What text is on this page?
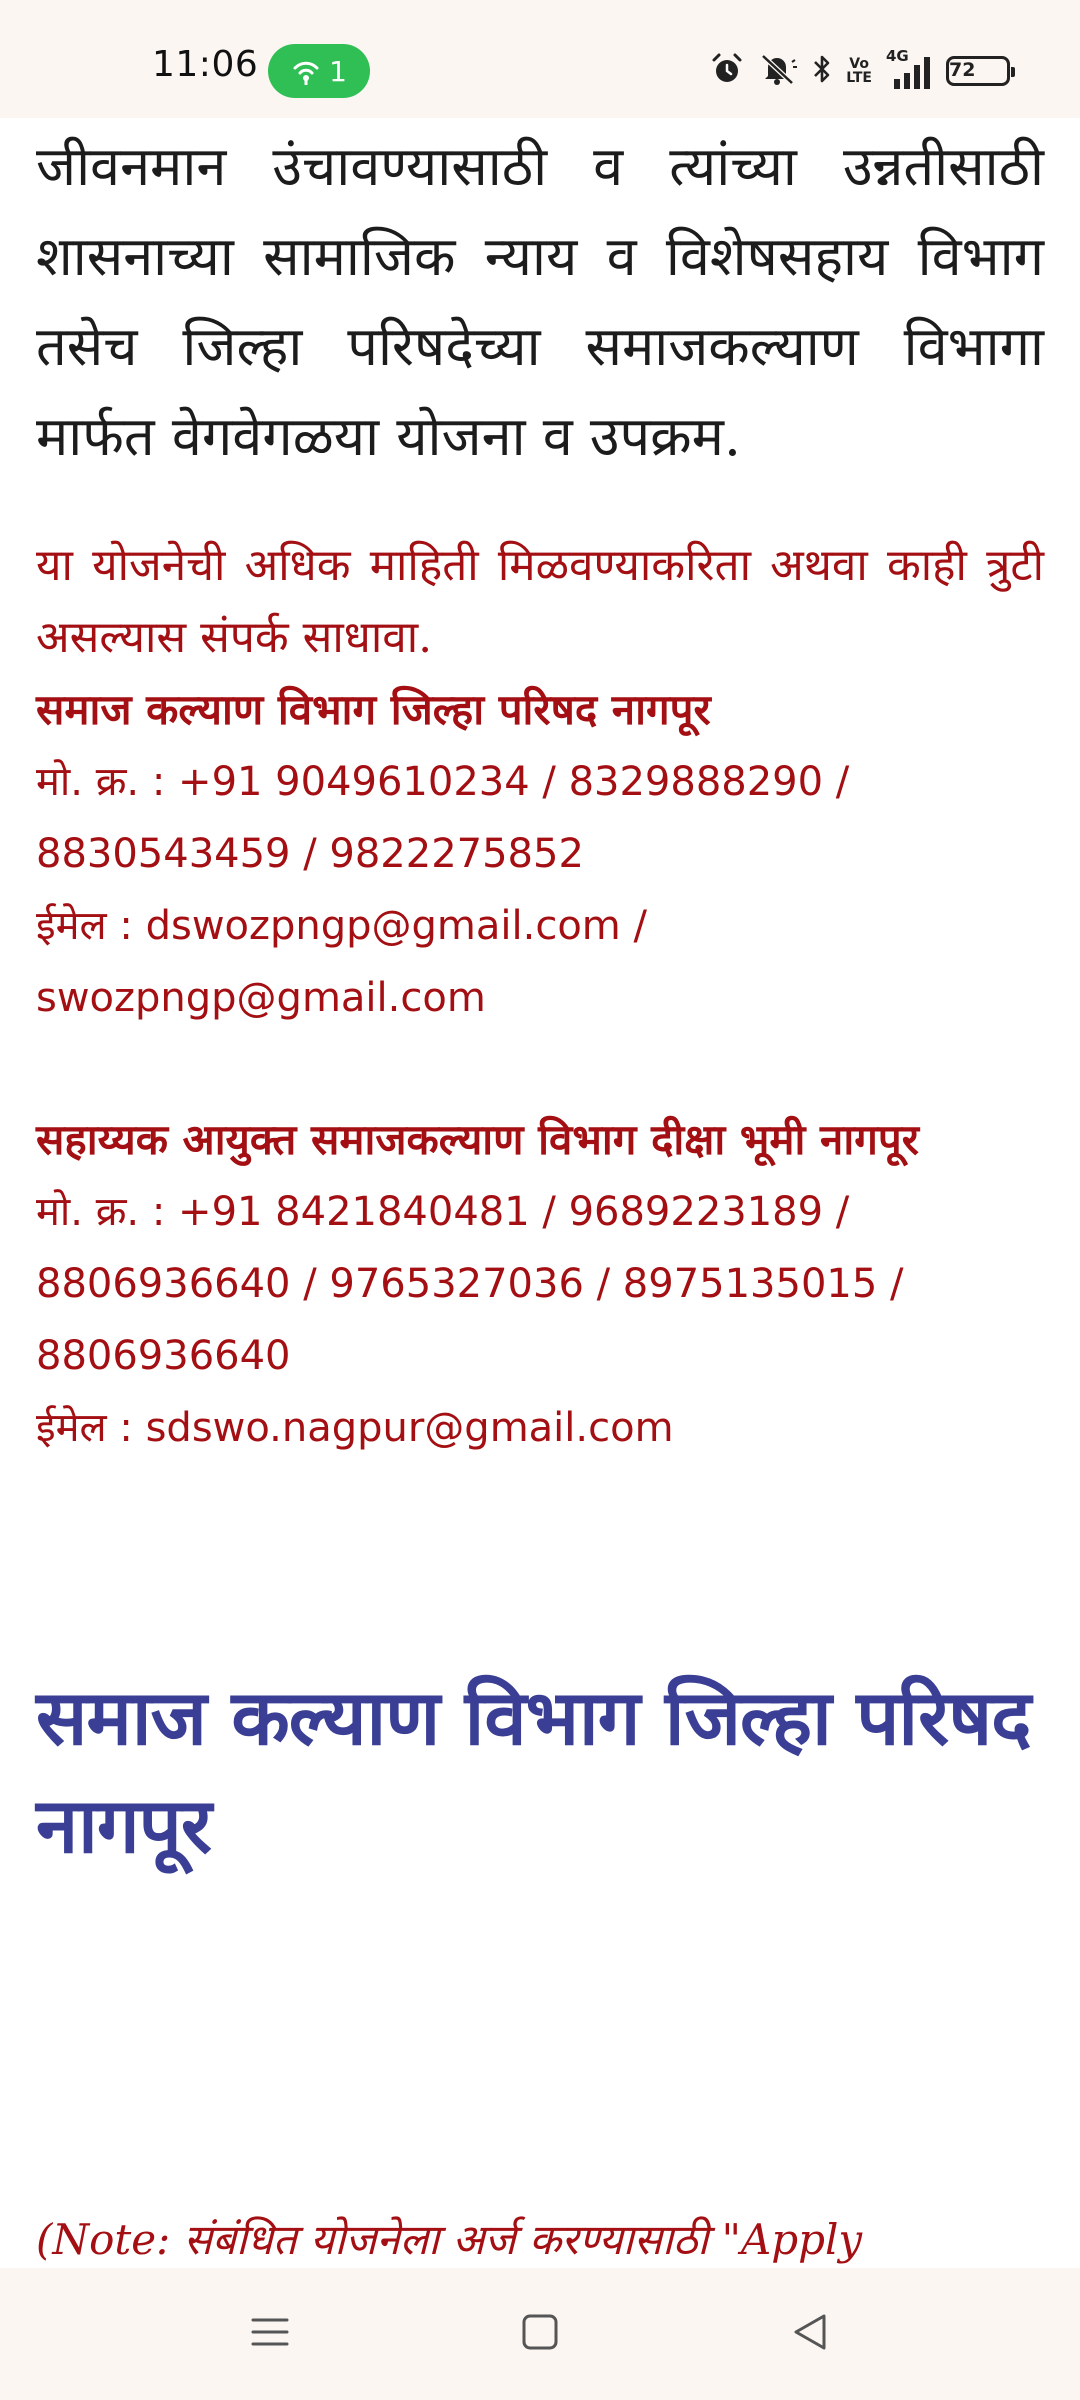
11:06	1	Vo
LTE
4G
72

जीवनमान उंचावण्यासाठी व त्यांच्या उन्नतीसाठी शासनाच्या सामाजिक न्याय व विशेषसहाय विभाग तसेच जिल्हा परिषदेच्या समाजकल्याण विभागा मार्फत वेगवेगळया योजना व उपक्रम.

या योजनेची अधिक माहिती मिळवण्याकरिता अथवा काही त्रुटी असल्यास संपर्क साधावा.

समाज कल्याण विभाग जिल्हा परिषद नागपूर

मो. क्र. : +91 9049610234 / 8329888290 /

8830543459 / 9822275852

ईमेल : dswozpngp@gmail.com /

swozpngp@gmail.com

सहाय्यक आयुक्त समाजकल्याण विभाग दीक्षा भूमी नागपूर

मो. क्र. : +91 8421840481 / 9689223189 /

8806936640 / 9765327036 / 8975135015 /

8806936640

ईमेल : sdswo.nagpur@gmail.com

समाज कल्याण विभाग जिल्हा परिषद नागपूर
(Note: संबंधित योजनेला अर्ज करण्यासाठी "Apply
